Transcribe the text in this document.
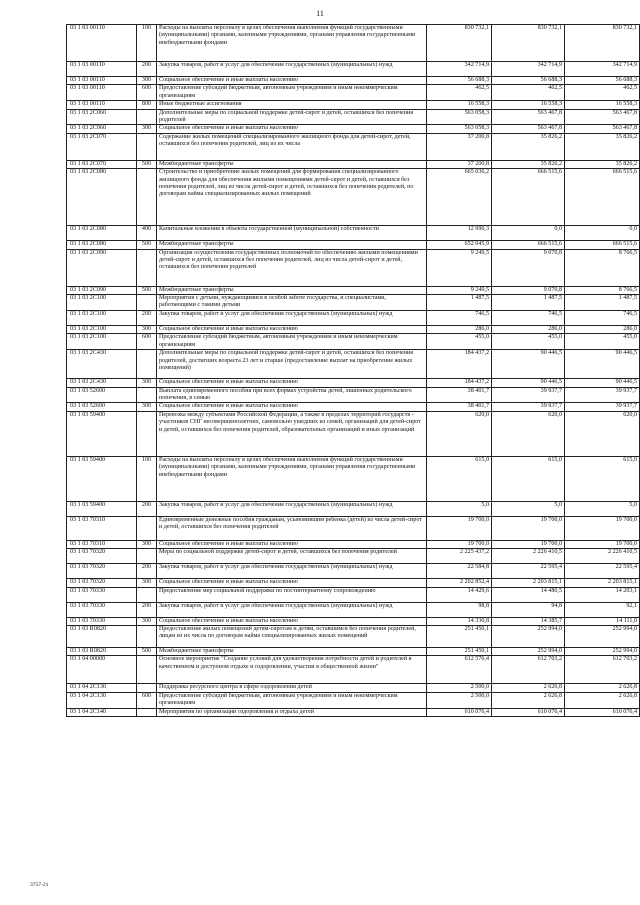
11
03 1 03 00110	100	Расходы на выплаты персоналу в целях обеспечения выполнения функций государственными (муниципальными) органами, казенными учреждениями, органами управления государственными внебюджетными фондами	830 732,1	830 732,1	830 732,1
03 1 03 00110	200	Закупка товаров, работ и услуг для обеспечения государственных (муниципальных) нужд	342 714,9	342 714,9	342 714,9
03 1 03 00110	300	Социальное обеспечение и иные выплаты населению	56 688,3	56 688,3	56 688,3
03 1 03 00110	600	Предоставление субсидий бюджетным, автономным учреждениям и иным некоммерческим организациям	462,5	462,5	462,5
03 1 03 00110	800	Иные бюджетные ассигнования	16 558,3	16 558,3	16 558,3
03 1 03 2С060		Дополнительные меры по социальной поддержке детей-сирот и детей, оставшихся без попечения родителей	563 058,3	563 467,8	563 467,8
03 1 03 2С060	300	Социальное обеспечение и иные выплаты населению	563 058,3	563 467,8	563 467,8
03 1 03 2С070		Содержание жилых помещений специализированного жилищного фонда для детей-сирот, детей, оставшихся без попечения родителей, лиц из их числа	37 200,8	35 826,2	35 826,2
03 1 03 2С070	500	Межбюджетные трансферты	37 200,8	35 826,2	35 826,2
03 1 03 2С080		Строительство и приобретение жилых помещений для формирования специализированного жилищного фонда для обеспечения жилыми помещениями детей-сирот и детей, оставшихся без попечения родителей, лиц из числа детей-сирот и детей, оставшихся без попечения родителей, по договорам найма специализированных жилых помещений	665 036,2	666 515,6	666 515,6
03 1 03 2С080	400	Капитальные вложения в объекты государственной (муниципальной) собственности	12 990,3	0,0	0,0
03 1 03 2С080	500	Межбюджетные трансферты	652 045,9	666 515,6	666 515,6
03 1 03 2С090		Организация осуществления государственных полномочий по обеспечению жилыми помещениями детей-сирот и детей, оставшихся без попечения родителей, лиц из числа детей-сирот и детей, оставшихся без попечения родителей	9 249,5	9 070,8	8 766,5
03 1 03 2С090	500	Межбюджетные трансферты	9 249,5	9 070,8	8 766,5
03 1 03 2С100		Мероприятия с детьми, нуждающимися в особой заботе государства, и специалистами, работающими с такими детьми	1 487,5	1 487,5	1 487,5
03 1 03 2С100	200	Закупка товаров, работ и услуг для обеспечения государственных (муниципальных) нужд	746,5	746,5	746,5
03 1 03 2С100	300	Социальное обеспечение и иные выплаты населению	286,0	286,0	286,0
03 1 03 2С100	600	Предоставление субсидий бюджетным, автономным учреждениям и иным некоммерческим организациям	455,0	455,0	455,0
03 1 03 2С430		Дополнительные меры по социальной поддержке детей-сирот и детей, оставшихся без попечения родителей, достигших возраста 23 лет и старше (предоставление выплат на приобретение жилых помещений)	184 437,2	90 446,5	90 446,5
03 1 03 2С430	300	Социальное обеспечение и иные выплаты населению	184 437,2	90 446,5	90 446,5
03 1 03 52600		Выплата единовременного пособия при всех формах устройства детей, лишенных родительского попечения, в семью	38 401,7	39 937,7	39 937,7
03 1 03 52600	300	Социальное обеспечение и иные выплаты населению	38 401,7	39 937,7	39 937,7
03 1 03 59400		Перевозка между субъектами Российской Федерации, а также в пределах территорий государств - участников СНГ несовершеннолетних, самовольно ушедших из семей, организаций для детей-сирот и детей, оставшихся без попечения родителей, образовательных организаций и иных организаций	620,0	620,0	620,0
03 1 03 59400	100	Расходы на выплаты персоналу в целях обеспечения выполнения функций государственными (муниципальными) органами, казенными учреждениями, органами управления государственными внебюджетными фондами	615,0	615,0	615,0
03 1 03 59400	200	Закупка товаров, работ и услуг для обеспечения государственных (муниципальных) нужд	5,0	5,0	5,0
03 1 03 70310		Единовременные денежные пособия гражданам, усыновившим ребенка (детей) из числа детей-сирот и детей, оставшихся без попечения родителей	19 700,0	19 700,0	19 700,0
03 1 03 70310	300	Социальное обеспечение и иные выплаты населению	19 700,0	19 700,0	19 700,0
03 1 03 70320		Меры по социальной поддержке детей-сирот и детей, оставшихся без попечения родителей	2 225 437,2	2 226 410,5	2 226 410,5
03 1 03 70320	200	Закупка товаров, работ и услуг для обеспечения государственных (муниципальных) нужд	22 584,8	22 595,4	22 595,4
03 1 03 70320	300	Социальное обеспечение и иные выплаты населению	2 202 852,4	2 203 815,1	2 203 815,1
03 1 03 70330		Предоставление мер социальной поддержки по постинтернатному сопровождению	14 429,6	14 480,5	14 203,1
03 1 03 70330	200	Закупка товаров, работ и услуг для обеспечения государственных (муниципальных) нужд	98,8	94,8	92,1
03 1 03 70330	300	Социальное обеспечение и иные выплаты населению	14 330,8	14 385,7	14 111,0
03 1 03 R0820		Предоставление жилых помещений детям-сиротам и детям, оставшимся без попечения родителей, лицам из их числа по договорам найма специализированных жилых помещений	251 450,1	252 994,0	252 994,0
03 1 03 R0820	500	Межбюджетные трансферты	251 450,1	252 994,0	252 994,0
03 1 04 00000		Основное мероприятие "Создание условий для удовлетворения потребности детей и родителей в качественном и доступном отдыхе и оздоровлении, участии в общественной жизни"	612 576,4	612 703,2	612 703,2
03 1 04 2С130		Поддержка ресурсного центра в сфере оздоровления детей	2 500,0	2 626,8	2 626,8
03 1 04 2С130	600	Предоставление субсидий бюджетным, автономным учреждениям и иным некоммерческим организациям	2 500,0	2 626,8	2 626,8
03 1 04 2С140		Мероприятия по организации оздоровления и отдыха детей	610 076,4	610 076,4	610 076,4
3757-21
